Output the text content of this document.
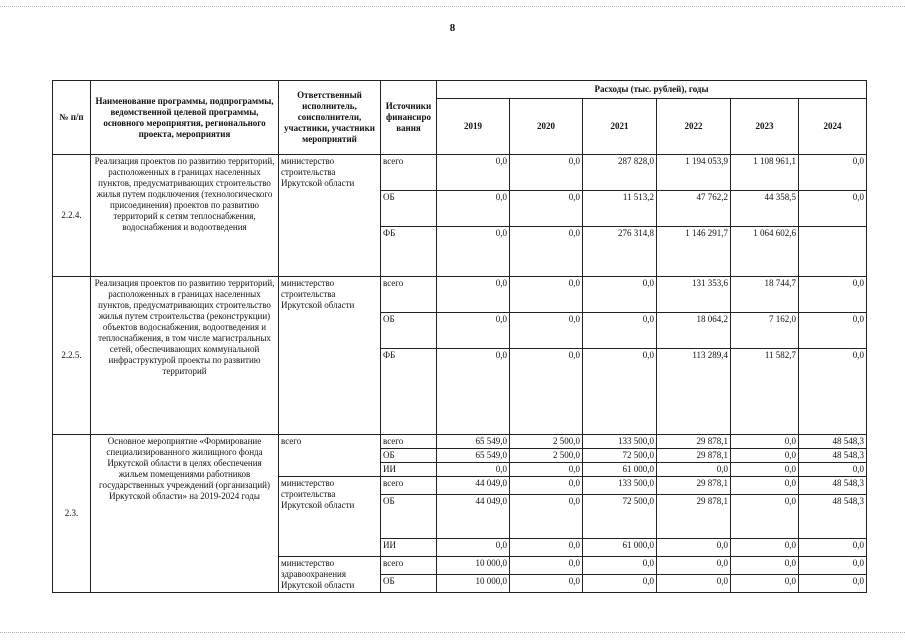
8
№ п/п	Наименование программы, подпрограммы, ведомственной целевой программы, основного мероприятия, регионального проекта, мероприятия	Ответственный исполнитель, соисполнители, участники, участники мероприятий	Источники финансиро вания	Расходы (тыс. рублей), годы					
				2019	2020	2021	2022	2023	2024
2.2.4.	Реализация проектов по развитию территорий, расположенных в границах населенных пунктов, предусматривающих строительство жилья путем подключения (технологического присоединения) проектов по развитию территорий к сетям теплоснабжения, водоснабжения и водоотведения	министерство строительства Иркутской области	всего	0,0	0,0	287 828,0	1 194 053,9	1 108 961,1	0,0
			ОБ	0,0	0,0	11 513,2	47 762,2	44 358,5	0,0
			ФБ	0,0	0,0	276 314,8	1 146 291,7	1 064 602,6	
2.2.5.	Реализация проектов по развитию территорий, расположенных в границах населенных пунктов, предусматривающих строительство жилья путем строительства (реконструкции) объектов водоснабжения, водоотведения и теплоснабжения, в том числе магистральных сетей, обеспечивающих коммунальной инфраструктурой проекты по развитию территорий	министерство строительства Иркутской области	всего	0,0	0,0	0,0	131 353,6	18 744,7	0,0
			ОБ	0,0	0,0	0,0	18 064,2	7 162,0	0,0
			ФБ	0,0	0,0	0,0	113 289,4	11 582,7	0,0
2.3.	Основное мероприятие «Формирование специализированного жилищного фонда Иркутской области в целях обеспечения жильем помещениями работников государственных учреждений (организаций) Иркутской области» на 2019-2024 годы	всего	всего	65 549,0	2 500,0	133 500,0	29 878,1	0,0	48 548,3
			ОБ	65 549,0	2 500,0	72 500,0	29 878,1	0,0	48 548,3
			ИИ	0,0	0,0	61 000,0	0,0	0,0	0,0
		министерство строительства Иркутской области	всего	44 049,0	0,0	133 500,0	29 878,1	0,0	48 548,3
			ОБ	44 049,0	0,0	72 500,0	29 878,1	0,0	48 548,3
			ИИ	0,0	0,0	61 000,0	0,0	0,0	0,0
		министерство здравоохранения Иркутской области	всего	10 000,0	0,0	0,0	0,0	0,0	0,0
			ОБ	10 000,0	0,0	0,0	0,0	0,0	0,0
